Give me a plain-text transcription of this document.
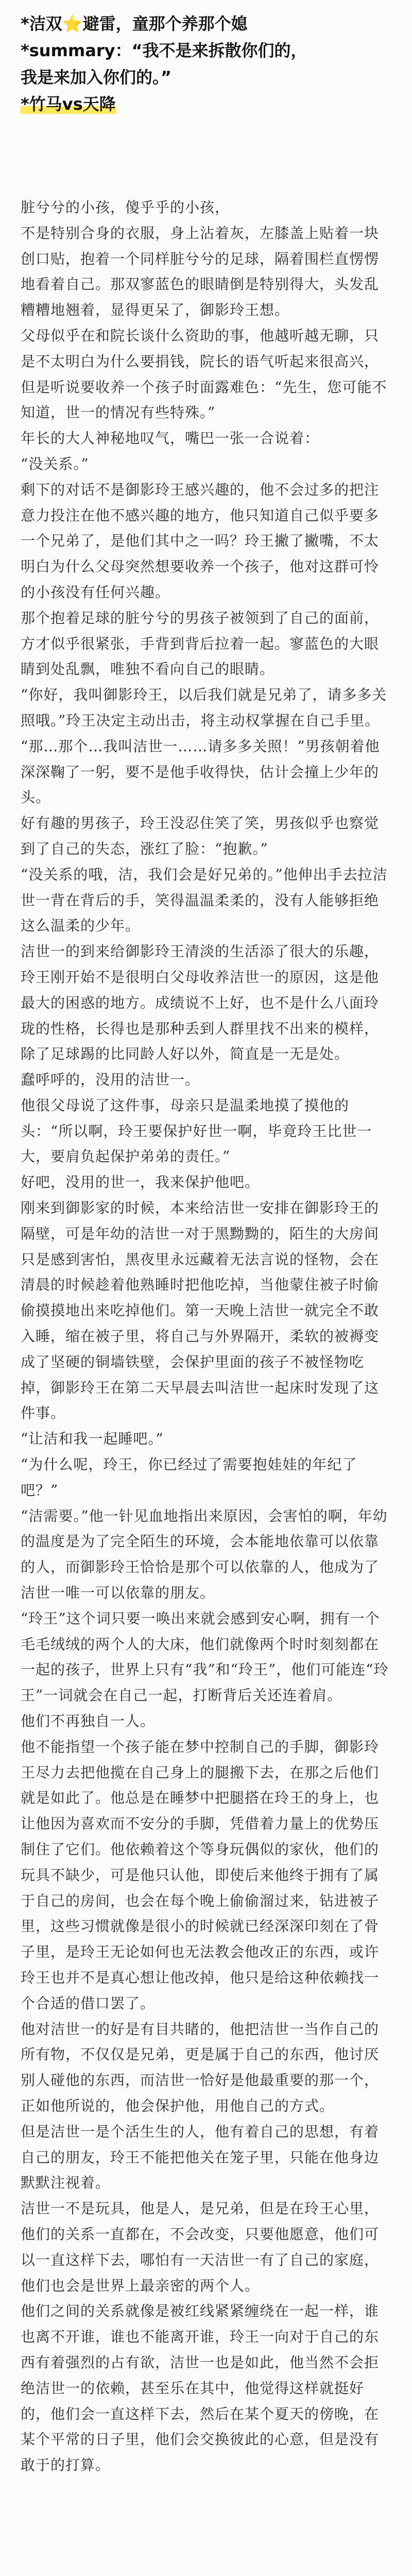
*洁双⭐避雷，童那个养那个媳
*summary：“我不是来拆散你们的，
我是来加入你们的。”
*竹马vs天降

脏兮兮的小孩，傻乎乎的小孩，

不是特别合身的衣服，身上沾着灰，左膝盖上贴着一块创口贴，抱着一个同样脏兮兮的足球，隔着围栏直愣愣地看着自己。那双寥蓝色的眼睛倒是特别得大，头发乱糟糟地翘着，显得更呆了，御影玲王想。

父母似乎在和院长谈什么资助的事，他越听越无聊，只是不太明白为什么要捐钱，院长的语气听起来很高兴，但是听说要收养一个孩子时面露难色：“先生，您可能不知道，世一的情况有些特殊。”

年长的大人神秘地叹气，嘴巴一张一合说着：

“没关系。”

剩下的对话不是御影玲王感兴趣的，他不会过多的把注意力投注在他不感兴趣的地方，他只知道自己似乎要多一个兄弟了，是他们其中之一吗？玲王撇了撇嘴，不太明白为什么父母突然想要收养一个孩子，他对这群可怜的小孩没有任何兴趣。

那个抱着足球的脏兮兮的男孩子被领到了自己的面前，方才似乎很紧张，手背到背后拉着一起。寥蓝色的大眼睛到处乱飘，唯独不看向自己的眼睛。

“你好，我叫御影玲王，以后我们就是兄弟了，请多多关照哦。”玲王决定主动出击，将主动权掌握在自己手里。

“那…那个…我叫洁世一……请多多关照！”男孩朝着他深深鞠了一躬，要不是他手收得快，估计会撞上少年的头。

好有趣的男孩子，玲王没忍住笑了笑，男孩似乎也察觉到了自己的失态，涨红了脸：“抱歉。”

“没关系的哦，洁，我们会是好兄弟的。”他伸出手去拉洁世一背在背后的手，笑得温温柔柔的，没有人能够拒绝这么温柔的少年。

洁世一的到来给御影玲王清淡的生活添了很大的乐趣，玲王刚开始不是很明白父母收养洁世一的原因，这是他最大的困惑的地方。成绩说不上好，也不是什么八面玲珑的性格，长得也是那种丢到人群里找不出来的模样，除了足球踢的比同龄人好以外，简直是一无是处。

蠢呼呼的，没用的洁世一。

他很父母说了这件事，母亲只是温柔地摸了摸他的头：“所以啊，玲王要保护好世一啊，毕竟玲王比世一大，要肩负起保护弟弟的责任。”

好吧，没用的世一，我来保护他吧。

刚来到御影家的时候，本来给洁世一安排在御影玲王的隔壁，可是年幼的洁世一对于黑黝黝的，陌生的大房间只是感到害怕，黑夜里永远藏着无法言说的怪物，会在清晨的时候趁着他熟睡时把他吃掉，当他蒙住被子时偷偷摸摸地出来吃掉他们。第一天晚上洁世一就完全不敢入睡，缩在被子里，将自己与外界隔开，柔软的被褥变成了坚硬的铜墙铁壁，会保护里面的孩子不被怪物吃掉，御影玲王在第二天早晨去叫洁世一起床时发现了这件事。

“让洁和我一起睡吧。”

“为什么呢，玲王，你已经过了需要抱娃娃的年纪了吧？”

“洁需要。”他一针见血地指出来原因，会害怕的啊，年幼的温度是为了完全陌生的环境，会本能地依靠可以依靠的人，而御影玲王恰恰是那个可以依靠的人，他成为了洁世一唯一可以依靠的朋友。

“玲王”这个词只要一唤出来就会感到安心啊，拥有一个毛毛绒绒的两个人的大床，他们就像两个时时刻刻都在一起的孩子，世界上只有“我”和“玲王”，他们可能连“玲王”一词就会在自己一起，打断背后关还连着肩。

他们不再独自一人。

他不能指望一个孩子能在梦中控制自己的手脚，御影玲王尽力去把他揽在自己身上的腿搬下去，在那之后他们就是如此了。他总是在睡梦中把腿搭在玲王的身上，也让他因为喜欢而不安分的手脚，凭借着力量上的优势压制住了它们。他依赖着这个等身玩偶似的家伙，他们的玩具不缺少，可是他只认他，即使后来他终于拥有了属于自己的房间，也会在每个晚上偷偷溜过来，钻进被子里，这些习惯就像是很小的时候就已经深深印刻在了骨子里，是玲王无论如何也无法教会他改正的东西，或许玲王也并不是真心想让他改掉，他只是给这种依赖找一个合适的借口罢了。

他对洁世一的好是有目共睹的，他把洁世一当作自己的所有物，不仅仅是兄弟，更是属于自己的东西，他讨厌别人碰他的东西，而洁世一恰好是他最重要的那一个，正如他所说的，他会保护他，用他自己的方式。

但是洁世一是个活生生的人，他有着自己的思想，有着自己的朋友，玲王不能把他关在笼子里，只能在他身边默默注视着。

洁世一不是玩具，他是人，是兄弟，但是在玲王心里，他们的关系一直都在，不会改变，只要他愿意，他们可以一直这样下去，哪怕有一天洁世一有了自己的家庭，他们也会是世界上最亲密的两个人。

他们之间的关系就像是被红线紧紧缠绕在一起一样，谁也离不开谁，谁也不能离开谁，玲王一向对于自己的东西有着强烈的占有欲，洁世一也是如此，他当然不会拒绝洁世一的依赖，甚至乐在其中，他觉得这样就挺好的，他们会一直这样下去，然后在某个夏天的傍晚，在某个平常的日子里，他们会交换彼此的心意，但是没有敢于的打算。
